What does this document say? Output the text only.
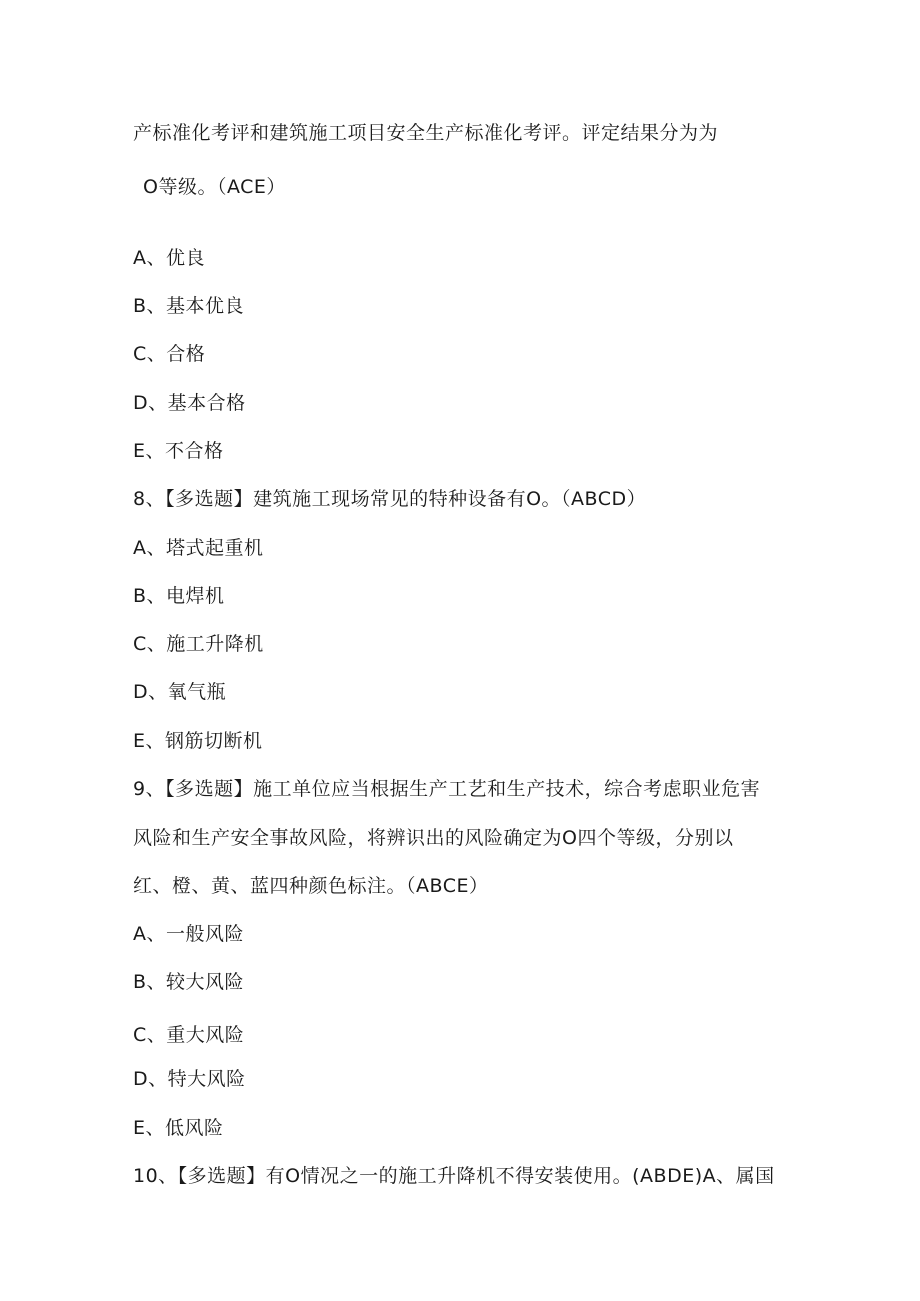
产标准化考评和建筑施工项目安全生产标准化考评。评定结果分为为
O等级。（ACE）
A、优良
B、基本优良
C、合格
D、基本合格
E、不合格
8、【多选题】建筑施工现场常见的特种设备有O。（ABCD）
A、塔式起重机
B、电焊机
C、施工升降机
D、氧气瓶
E、钢筋切断机
9、【多选题】施工单位应当根据生产工艺和生产技术，综合考虑职业危害
风险和生产安全事故风险，将辨识出的风险确定为O四个等级，分别以
红、橙、黄、蓝四种颜色标注。（ABCE）
A、一般风险
B、较大风险
C、重大风险
D、特大风险
E、低风险
10、【多选题】有O情况之一的施工升降机不得安装使用。(ABDE)A、属国
